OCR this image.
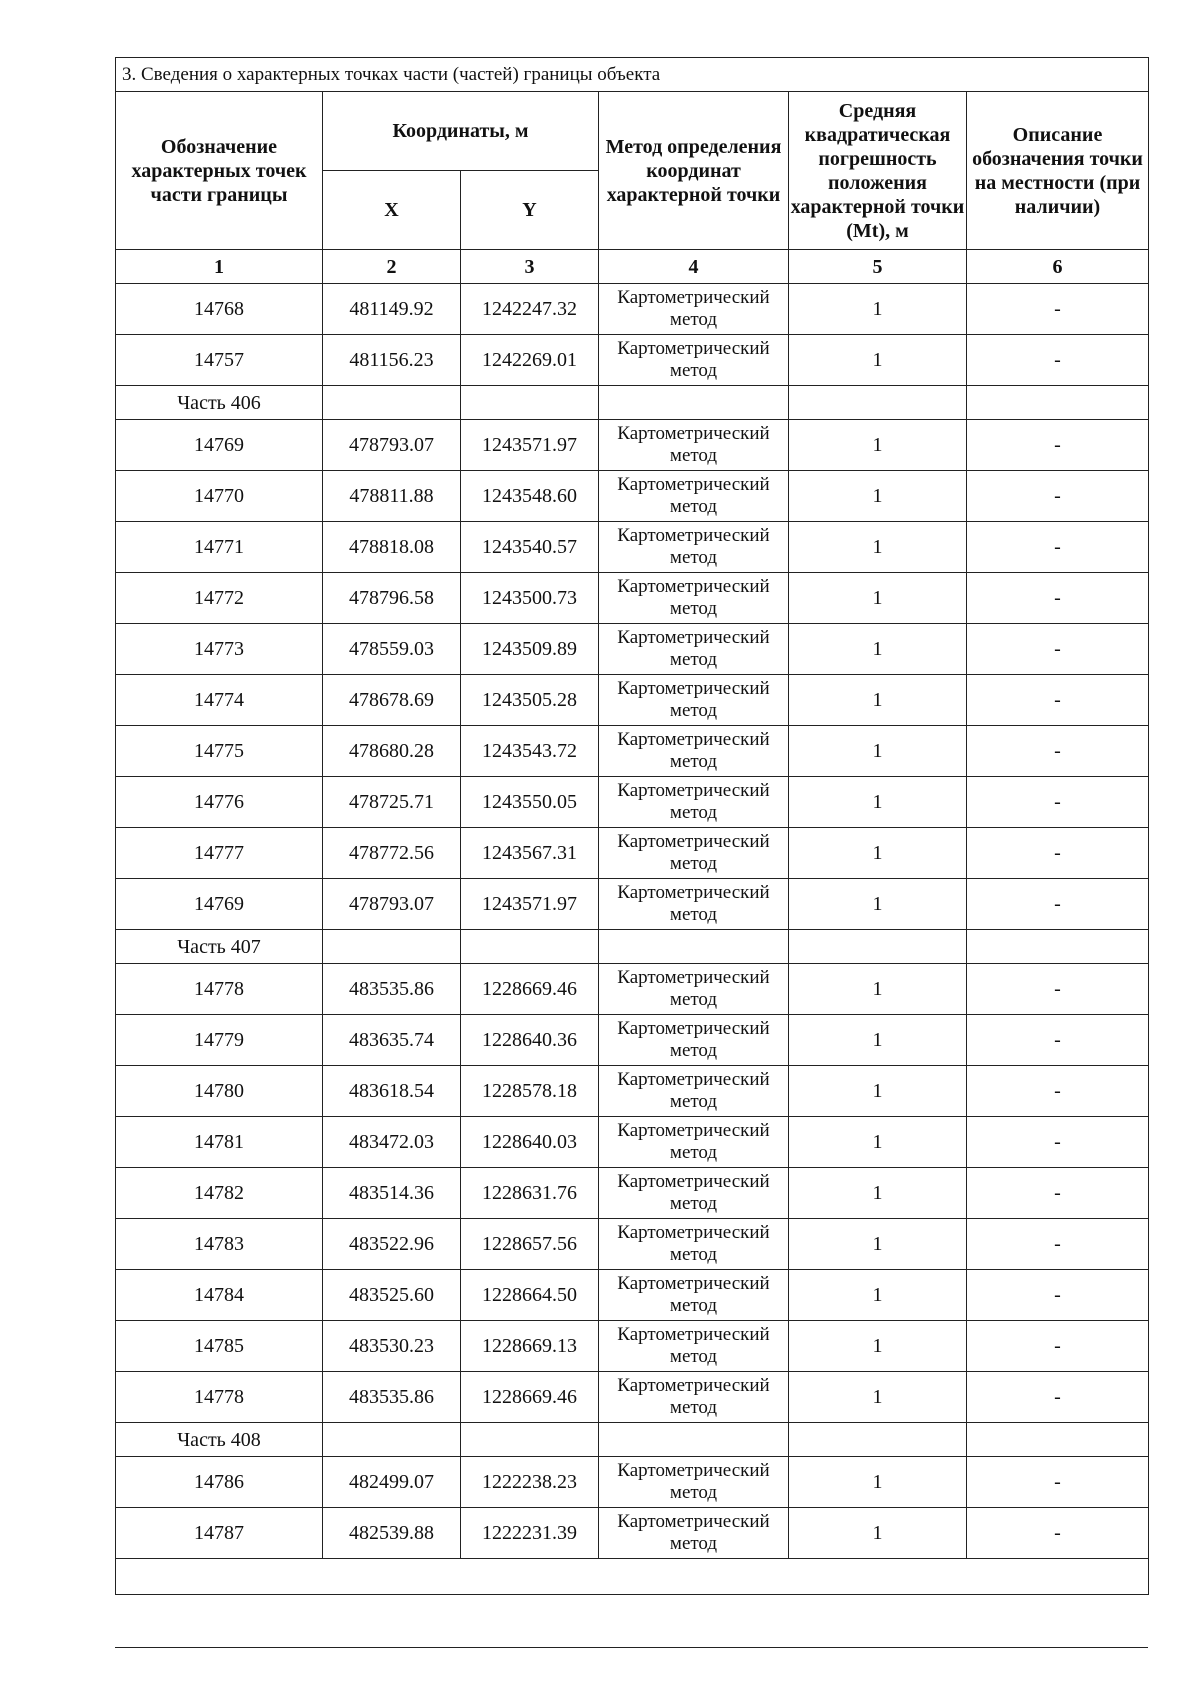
3. Сведения о характерных точках части (частей) границы объекта					
Обозначение характерных точек части границы	Координаты, м		Метод определения координат характерной точки	Средняя квадратическая погрешность положения характерной точки (Mt), м	Описание обозначения точки на местности (при наличии)
	X	Y			
1	2	3	4	5	6
14768	481149.92	1242247.32	Картометрический метод	1	-
14757	481156.23	1242269.01	Картометрический метод	1	-
Часть 406					
14769	478793.07	1243571.97	Картометрический метод	1	-
14770	478811.88	1243548.60	Картометрический метод	1	-
14771	478818.08	1243540.57	Картометрический метод	1	-
14772	478796.58	1243500.73	Картометрический метод	1	-
14773	478559.03	1243509.89	Картометрический метод	1	-
14774	478678.69	1243505.28	Картометрический метод	1	-
14775	478680.28	1243543.72	Картометрический метод	1	-
14776	478725.71	1243550.05	Картометрический метод	1	-
14777	478772.56	1243567.31	Картометрический метод	1	-
14769	478793.07	1243571.97	Картометрический метод	1	-
Часть 407					
14778	483535.86	1228669.46	Картометрический метод	1	-
14779	483635.74	1228640.36	Картометрический метод	1	-
14780	483618.54	1228578.18	Картометрический метод	1	-
14781	483472.03	1228640.03	Картометрический метод	1	-
14782	483514.36	1228631.76	Картометрический метод	1	-
14783	483522.96	1228657.56	Картометрический метод	1	-
14784	483525.60	1228664.50	Картометрический метод	1	-
14785	483530.23	1228669.13	Картометрический метод	1	-
14778	483535.86	1228669.46	Картометрический метод	1	-
Часть 408					
14786	482499.07	1222238.23	Картометрический метод	1	-
14787	482539.88	1222231.39	Картометрический метод	1	-
